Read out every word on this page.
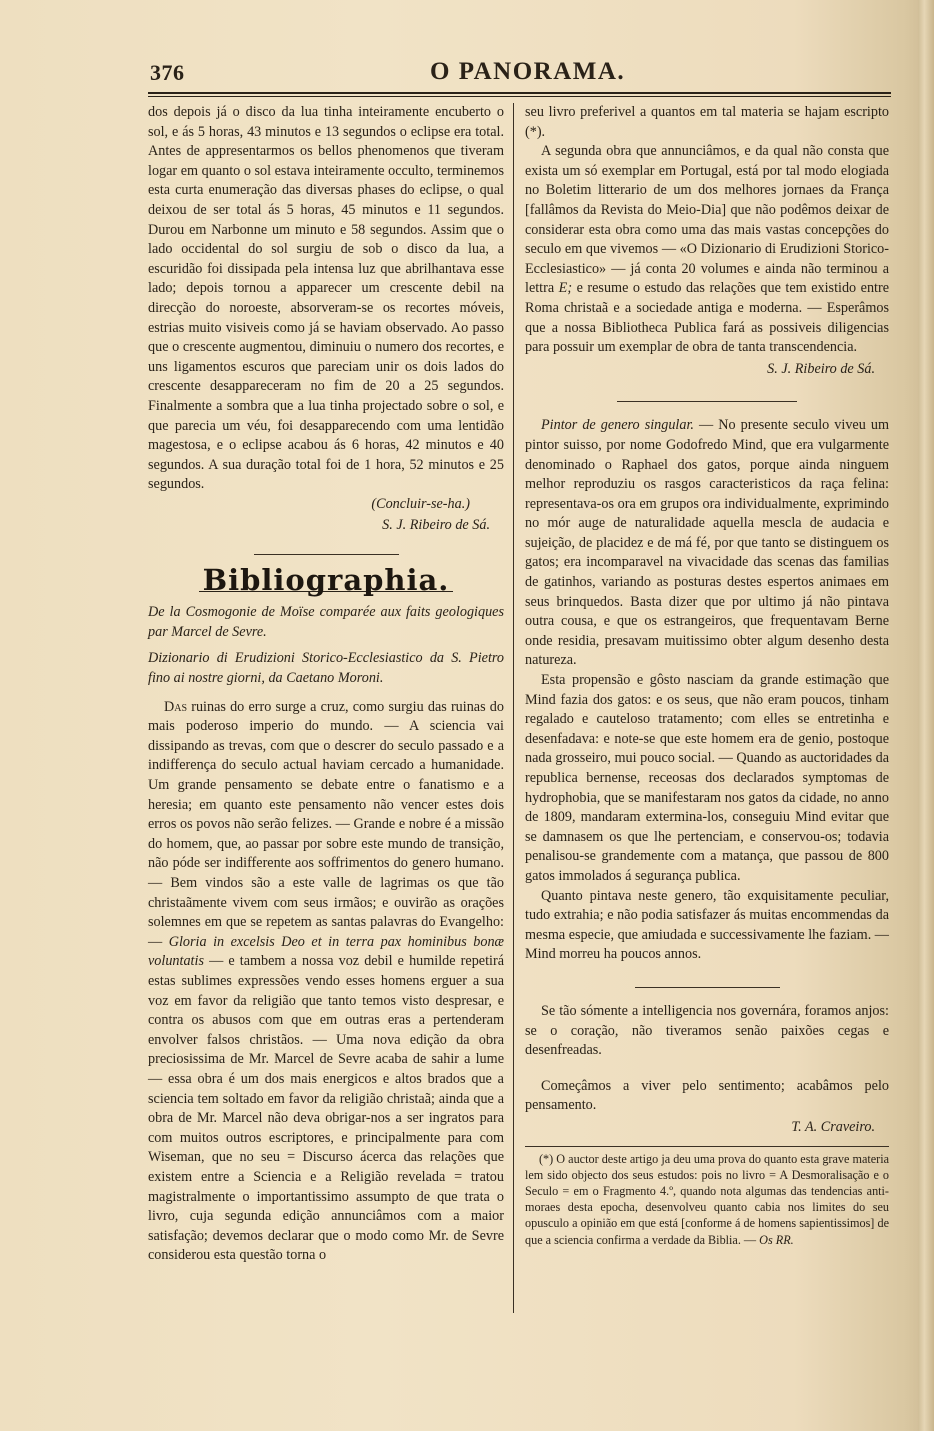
376	O PANORAMA.

dos depois já o disco da lua tinha inteiramente encuberto o sol, e ás 5 horas, 43 minutos e 13 segundos o eclipse era total. Antes de appresentarmos os bellos phenomenos que tiveram logar em quanto o sol estava inteiramente occulto, terminemos esta curta enumeração das diversas phases do eclipse, o qual deixou de ser total ás 5 horas, 45 minutos e 11 segundos. Durou em Narbonne um minuto e 58 segundos. Assim que o lado occidental do sol surgiu de sob o disco da lua, a escuridão foi dissipada pela intensa luz que abrilhantava esse lado; depois tornou a apparecer um crescente debil na direcção do noroeste, absorveram-se os recortes móveis, estrias muito visiveis como já se haviam observado. Ao passo que o crescente augmentou, diminuiu o numero dos recortes, e uns ligamentos escuros que pareciam unir os dois lados do crescente desappareceram no fim de 20 a 25 segundos. Finalmente a sombra que a lua tinha projectado sobre o sol, e que parecia um véu, foi desapparecendo com uma lentidão magestosa, e o eclipse acabou ás 6 horas, 42 minutos e 40 segundos. A sua duração total foi de 1 hora, 52 minutos e 25 segundos.

(Concluir-se-ha.)
S. J. Ribeiro de Sá.
Bibliographia.

De la Cosmogonie de Moïse comparée aux faits geologiques par Marcel de Sevre.

Dizionario di Erudizioni Storico-Ecclesiastico da S. Pietro fino ai nostre giorni, da Caetano Moroni.

Das ruinas do erro surge a cruz, como surgiu das ruinas do mais poderoso imperio do mundo. — A sciencia vai dissipando as trevas, com que o descrer do seculo passado e a indifferença do seculo actual haviam cercado a humanidade. Um grande pensamento se debate entre o fanatismo e a heresia; em quanto este pensamento não vencer estes dois erros os povos não serão felizes. — Grande e nobre é a missão do homem, que, ao passar por sobre este mundo de transição, não póde ser indifferente aos soffrimentos do genero humano. — Bem vindos são a este valle de lagrimas os que tão christaãmente vivem com seus irmãos; e ouvirão as orações solemnes em que se repetem as santas palavras do Evangelho: — Gloria in excelsis Deo et in terra pax hominibus bonæ voluntatis — e tambem a nossa voz debil e humilde repetirá estas sublimes expressões vendo esses homens erguer a sua voz em favor da religião que tanto temos visto despresar, e contra os abusos com que em outras eras a pertenderam envolver falsos christãos. — Uma nova edição da obra preciosissima de Mr. Marcel de Sevre acaba de sahir a lume — essa obra é um dos mais energicos e altos brados que a sciencia tem soltado em favor da religião christaã; ainda que a obra de Mr. Marcel não deva obrigar-nos a ser ingratos para com muitos outros escriptores, e principalmente para com Wiseman, que no seu = Discurso ácerca das relações que existem entre a Sciencia e a Religião revelada = tratou magistralmente o importantissimo assumpto de que trata o livro, cuja segunda edição annunciâmos com a maior satisfação; devemos declarar que o modo como Mr. de Sevre considerou esta questão torna o

seu livro preferivel a quantos em tal materia se hajam escripto (*).

A segunda obra que annunciâmos, e da qual não consta que exista um só exemplar em Portugal, está por tal modo elogiada no Boletim litterario de um dos melhores jornaes da França [fallâmos da Revista do Meio-Dia] que não podêmos deixar de considerar esta obra como uma das mais vastas concepções do seculo em que vivemos — «O Dizionario di Erudizioni Storico-Ecclesiastico» — já conta 20 volumes e ainda não terminou a lettra E; e resume o estudo das relações que tem existido entre Roma christaã e a sociedade antiga e moderna. — Esperâmos que a nossa Bibliotheca Publica fará as possiveis diligencias para possuir um exemplar de obra de tanta transcendencia.

S. J. Ribeiro de Sá.

Pintor de genero singular. — No presente seculo viveu um pintor suisso, por nome Godofredo Mind, que era vulgarmente denominado o Raphael dos gatos, porque ainda ninguem melhor reproduziu os rasgos caracteristicos da raça felina: representava-os ora em grupos ora individualmente, exprimindo no mór auge de naturalidade aquella mescla de audacia e sujeição, de placidez e de má fé, por que tanto se distinguem os gatos; era incomparavel na vivacidade das scenas das familias de gatinhos, variando as posturas destes espertos animaes em seus brinquedos. Basta dizer que por ultimo já não pintava outra cousa, e que os estrangeiros, que frequentavam Berne onde residia, presavam muitissimo obter algum desenho desta natureza.

Esta propensão e gôsto nasciam da grande estimação que Mind fazia dos gatos: e os seus, que não eram poucos, tinham regalado e cauteloso tratamento; com elles se entretinha e desenfadava: e note-se que este homem era de genio, postoque nada grosseiro, mui pouco social. — Quando as auctoridades da republica bernense, receosas dos declarados symptomas de hydrophobia, que se manifestaram nos gatos da cidade, no anno de 1809, mandaram extermina-los, conseguiu Mind evitar que se damnasem os que lhe pertenciam, e conservou-os; todavia penalisou-se grandemente com a matança, que passou de 800 gatos immolados á segurança publica.

Quanto pintava neste genero, tão exquisitamente peculiar, tudo extrahia; e não podia satisfazer ás muitas encommendas da mesma especie, que amiudada e successivamente lhe faziam. — Mind morreu ha poucos annos.

Se tão sómente a intelligencia nos governára, foramos anjos: se o coração, não tiveramos senão paixões cegas e desenfreadas.

Começâmos a viver pelo sentimento; acabâmos pelo pensamento.

T. A. Craveiro.

(*) O auctor deste artigo ja deu uma prova do quanto esta grave materia lem sido objecto dos seus estudos: pois no livro = A Desmoralisação e o Seculo = em o Fragmento 4.º, quando nota algumas das tendencias anti-moraes desta epocha, desenvolveu quanto cabia nos limites do seu opusculo a opinião em que está [conforme á de homens sapientissimos] de que a sciencia confirma a verdade da Biblia. — Os RR.
